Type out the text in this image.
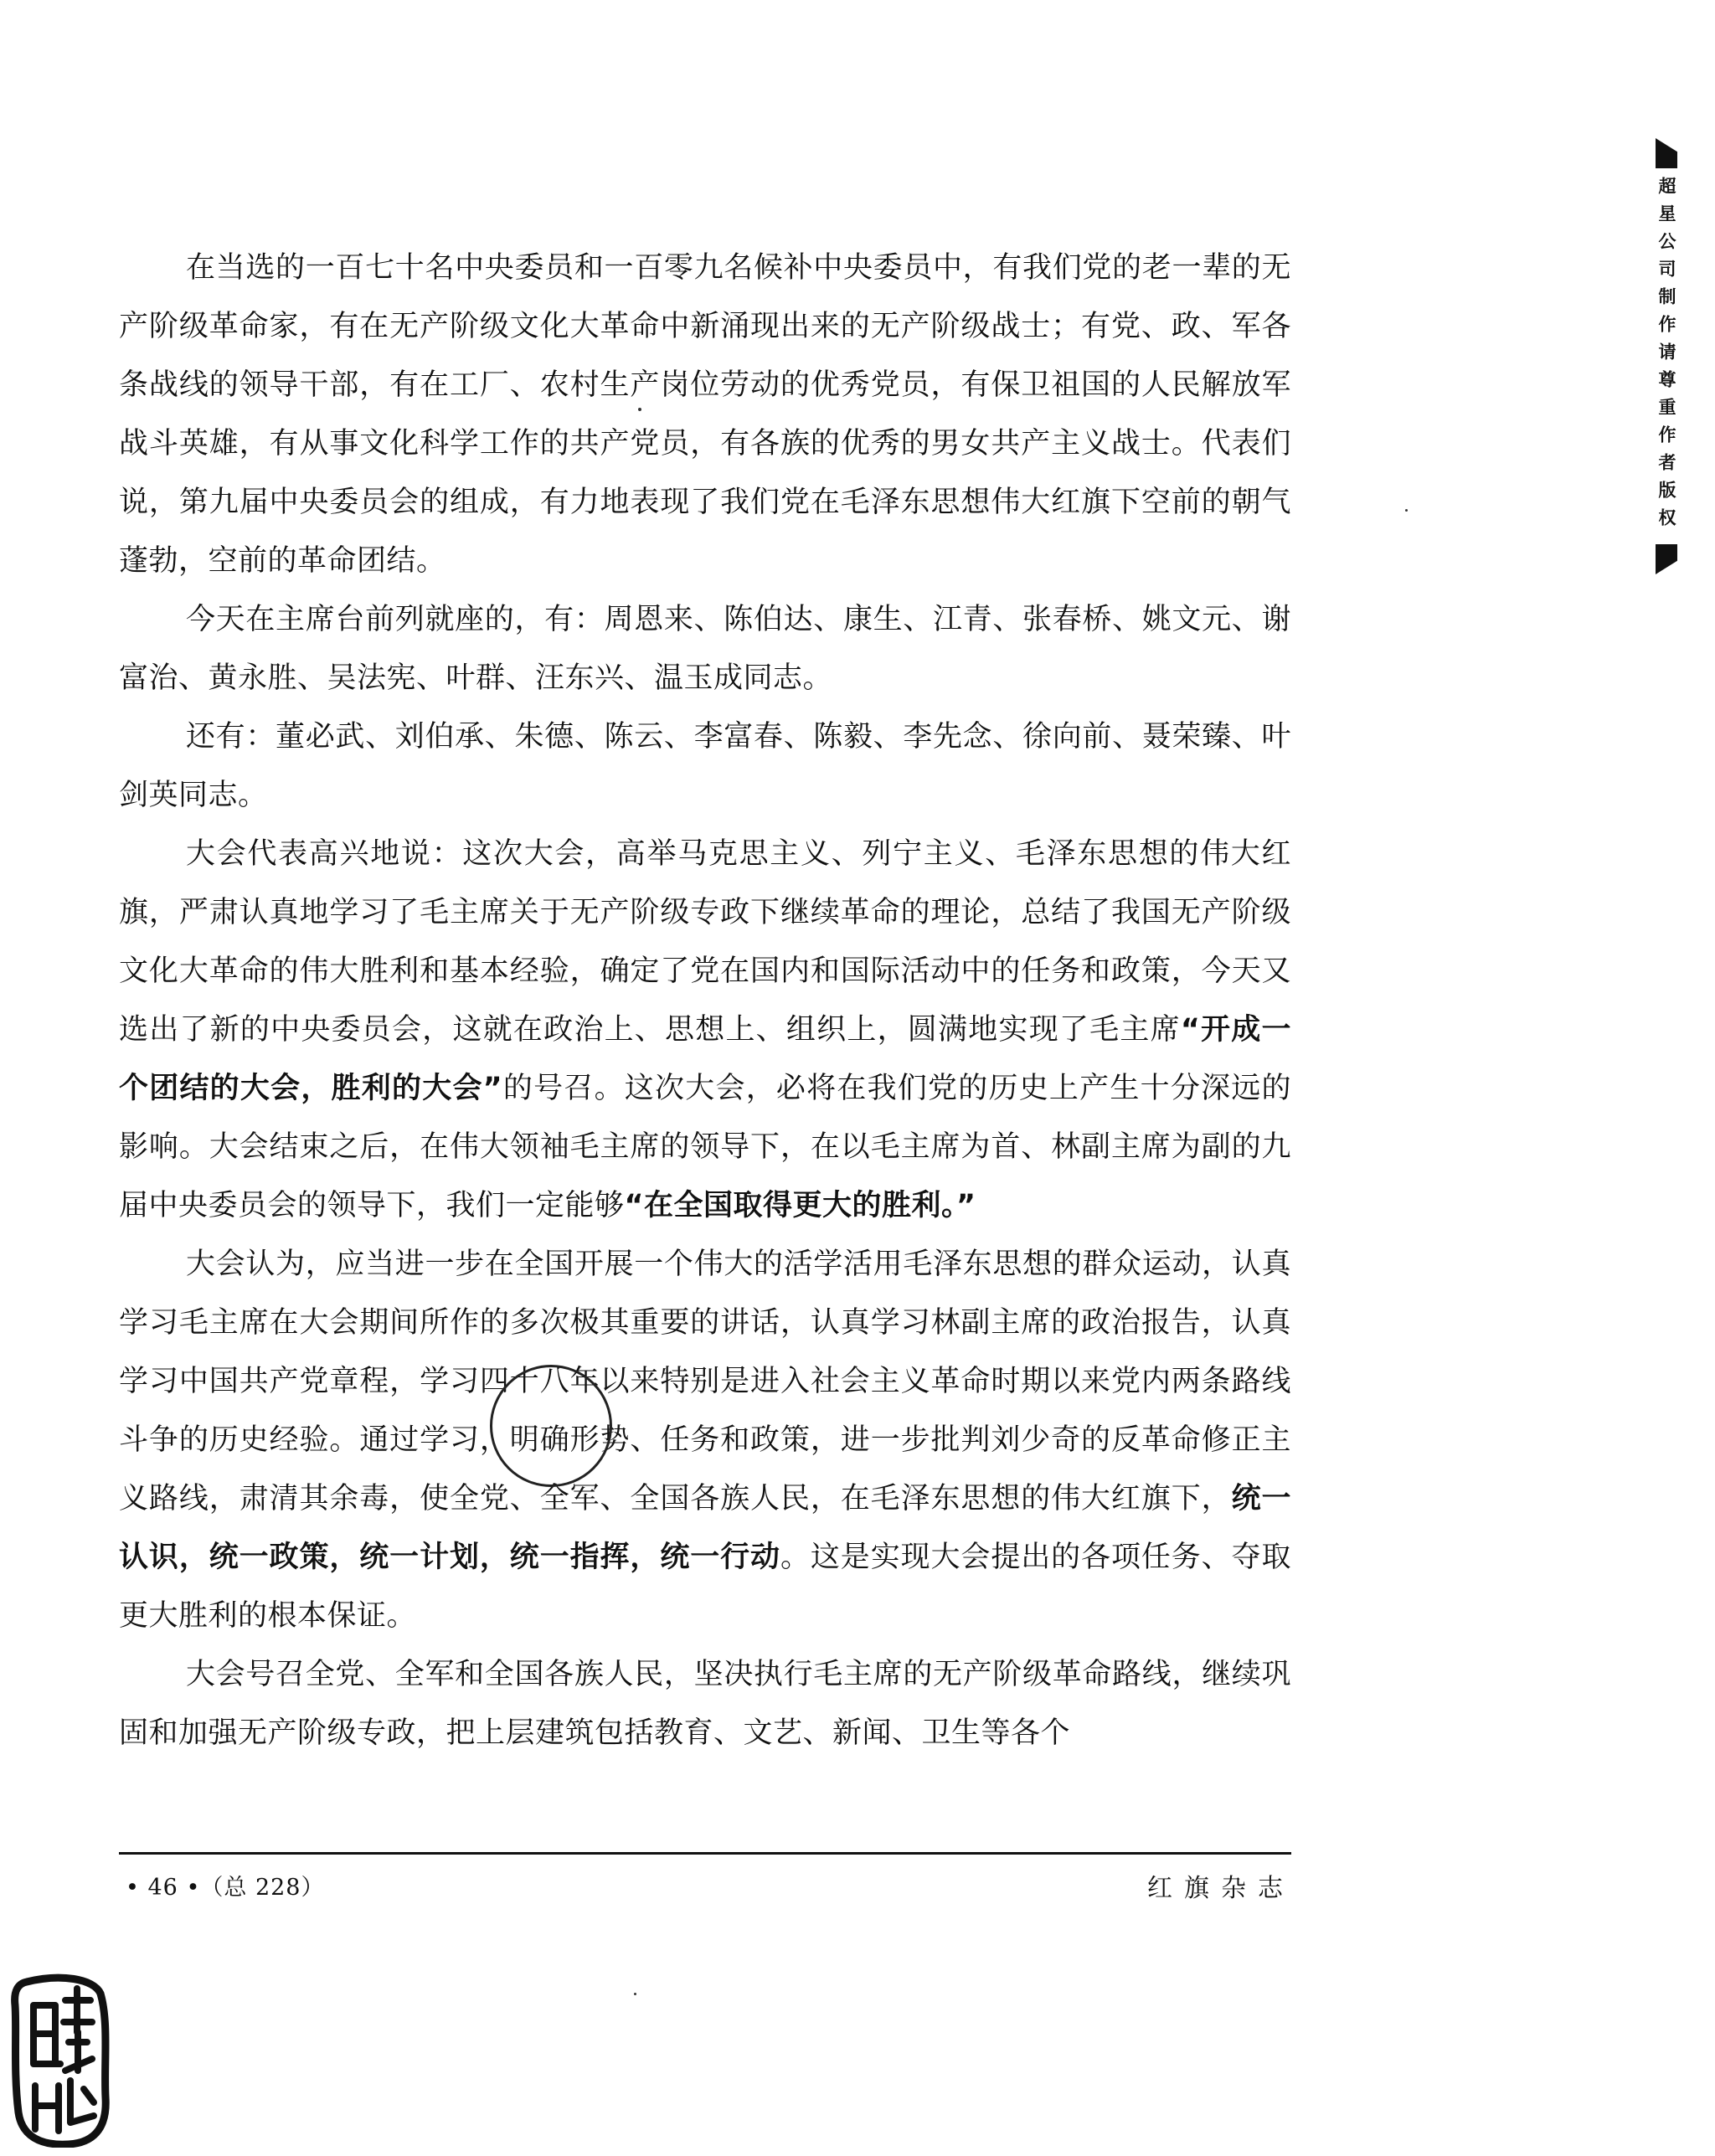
超星公司制作请尊重作者版权

在当选的一百七十名中央委员和一百零九名候补中央委员中，有我们党的老一辈的无产阶级革命家，有在无产阶级文化大革命中新涌现出来的无产阶级战士；有党、政、军各条战线的领导干部，有在工厂、农村生产岗位劳动的优秀党员，有保卫祖国的人民解放军战斗英雄，有从事文化科学工作的共产党员，有各族的优秀的男女共产主义战士。代表们说，第九届中央委员会的组成，有力地表现了我们党在毛泽东思想伟大红旗下空前的朝气蓬勃，空前的革命团结。

今天在主席台前列就座的，有：周恩来、陈伯达、康生、江青、张春桥、姚文元、谢富治、黄永胜、吴法宪、叶群、汪东兴、温玉成同志。

还有：董必武、刘伯承、朱德、陈云、李富春、陈毅、李先念、徐向前、聂荣臻、叶剑英同志。

大会代表高兴地说：这次大会，高举马克思主义、列宁主义、毛泽东思想的伟大红旗，严肃认真地学习了毛主席关于无产阶级专政下继续革命的理论，总结了我国无产阶级文化大革命的伟大胜利和基本经验，确定了党在国内和国际活动中的任务和政策，今天又选出了新的中央委员会，这就在政治上、思想上、组织上，圆满地实现了毛主席“开成一个团结的大会，胜利的大会”的号召。这次大会，必将在我们党的历史上产生十分深远的影响。大会结束之后，在伟大领袖毛主席的领导下，在以毛主席为首、林副主席为副的九届中央委员会的领导下，我们一定能够“在全国取得更大的胜利。”

大会认为，应当进一步在全国开展一个伟大的活学活用毛泽东思想的群众运动，认真学习毛主席在大会期间所作的多次极其重要的讲话，认真学习林副主席的政治报告，认真学习中国共产党章程，学习四十八年以来特别是进入社会主义革命时期以来党内两条路线斗争的历史经验。通过学习，明确形势、任务和政策，进一步批判刘少奇的反革命修正主义路线，肃清其余毒，使全党、全军、全国各族人民，在毛泽东思想的伟大红旗下，统一认识，统一政策，统一计划，统一指挥，统一行动。这是实现大会提出的各项任务、夺取更大胜利的根本保证。

大会号召全党、全军和全国各族人民，坚决执行毛主席的无产阶级革命路线，继续巩固和加强无产阶级专政，把上层建筑包括教育、文艺、新闻、卫生等各个

• 46 •（总 228）	红旗杂志
